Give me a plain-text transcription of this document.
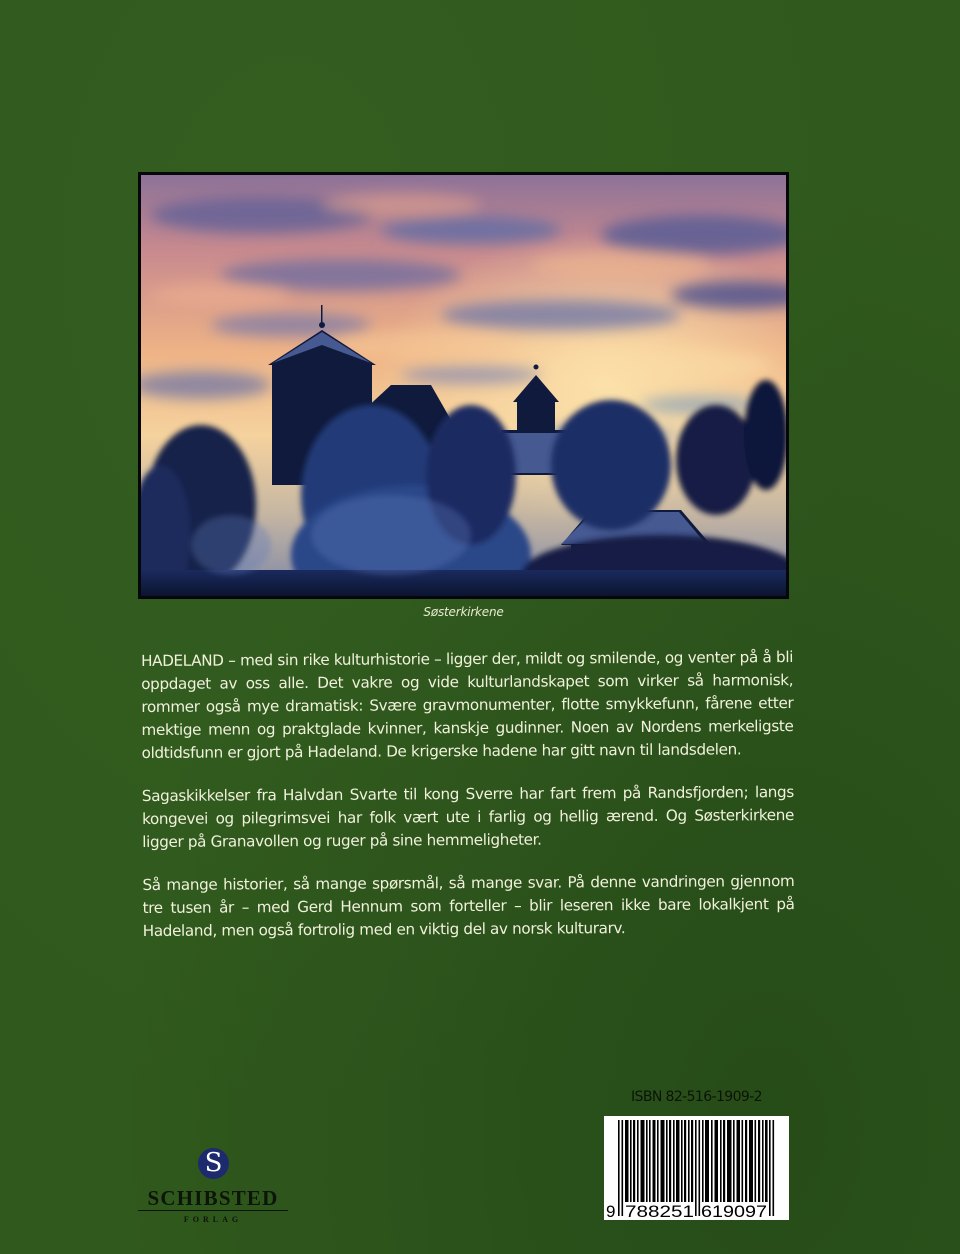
Søsterkirkene

HADELAND – med sin rike kulturhistorie – ligger der, mildt og smilende, og venter på å bli oppdaget av oss alle. Det vakre og vide kulturlandskapet som virker så harmonisk, rommer også mye dramatisk: Svære gravmonumenter, flotte smykkefunn, fårene etter mektige menn og praktglade kvinner, kanskje gudinner. Noen av Nordens merkeligste oldtidsfunn er gjort på Hadeland. De krigerske hadene har gitt navn til landsdelen.

Sagaskikkelser fra Halvdan Svarte til kong Sverre har fart frem på Randsfjorden; langs kongevei og pilegrimsvei har folk vært ute i farlig og hellig ærend. Og Søsterkirkene ligger på Granavollen og ruger på sine hemmeligheter.

Så mange historier, så mange spørsmål, så mange svar. På denne vandringen gjennom tre tusen år – med Gerd Hennum som forteller – blir leseren ikke bare lokalkjent på Hadeland, men også fortrolig med en viktig del av norsk kulturarv.

ISBN 82-516-1909-2
9 788251 619097
S
SCHIBSTED
FORLAG
